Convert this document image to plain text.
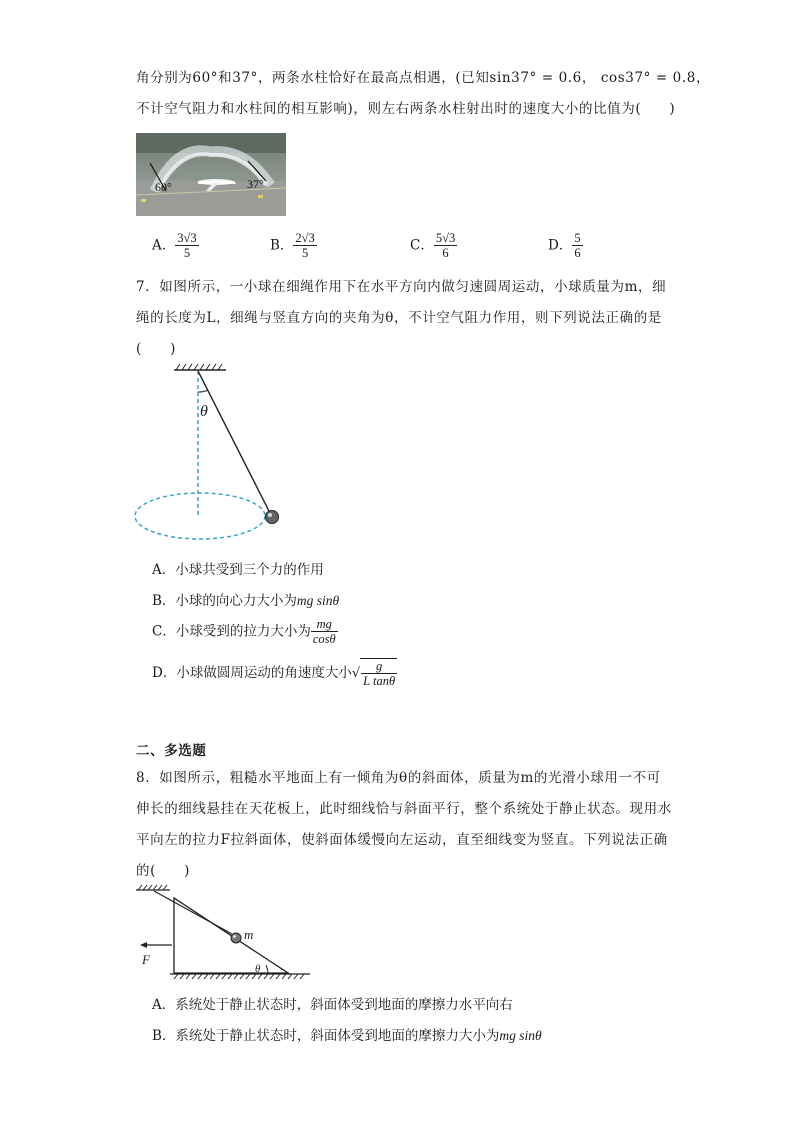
角分别为60°和37°，两条水柱恰好在最高点相遇，(已知sin37° = 0.6， cos37° = 0.8，
不计空气阻力和水柱间的相互影响)，则左右两条水柱射出时的速度大小的比值为(　　)
60°	37°
A． $\frac{3√3}{5}$	B． $\frac{2√3}{5}$	C． $\frac{5√3}{6}$	D． $\frac{5}{6}$
7．如图所示，一小球在细绳作用下在水平方向内做匀速圆周运动，小球质量为m，细
绳的长度为L，细绳与竖直方向的夹角为θ，不计空气阻力作用，则下列说法正确的是
(　　)
θ
A．小球共受到三个力的作用
B．小球的向心力大小为mg sinθ
C．小球受到的拉力大小为 $\frac{mg}{\cos\theta}$
D．小球做圆周运动的角速度大小√ $\frac{g}{\text{L tanθ}}$
二、多选题
8．如图所示，粗糙水平地面上有一倾角为θ的斜面体，质量为m的光滑小球用一不可
伸长的细线悬挂在天花板上，此时细线恰与斜面平行，整个系统处于静止状态。现用水
平向左的拉力F拉斜面体，使斜面体缓慢向左运动，直至细线变为竖直。下列说法正确
的(　　)
m
F
θ
A．系统处于静止状态时，斜面体受到地面的摩擦力水平向右
B．系统处于静止状态时，斜面体受到地面的摩擦力大小为mg sinθ
